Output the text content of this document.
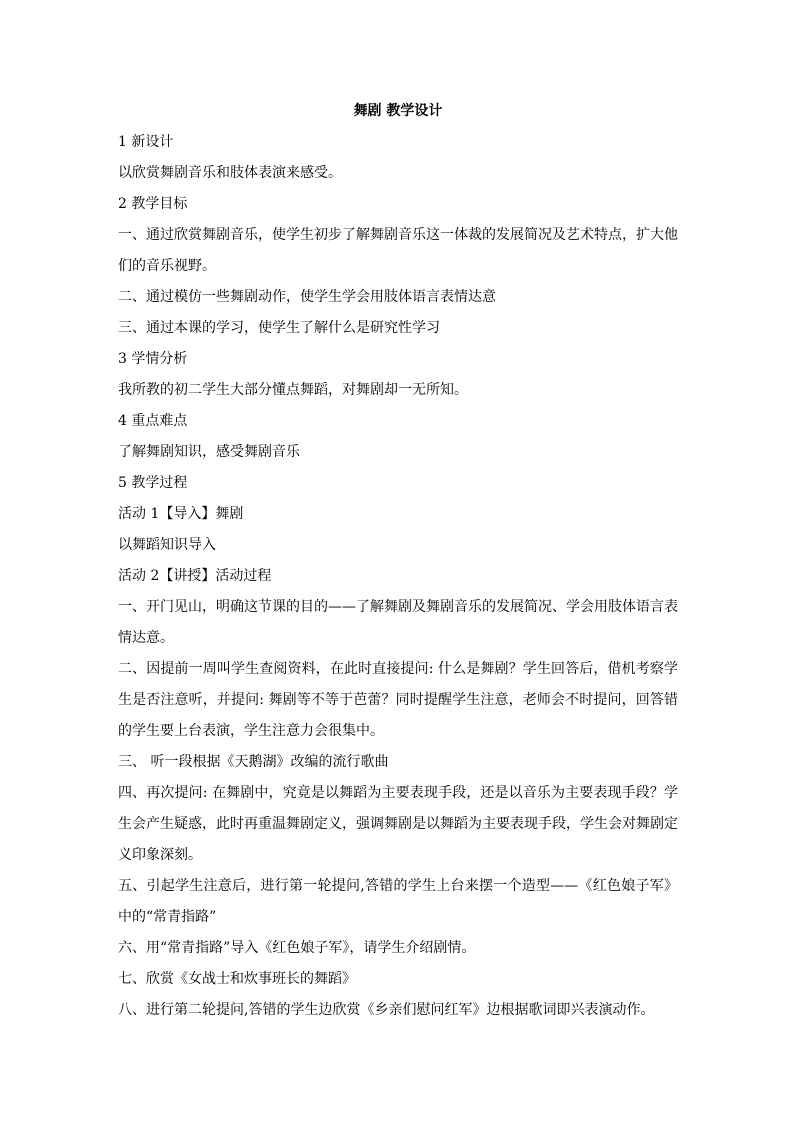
舞剧 教学设计
1 新设计
以欣赏舞剧音乐和肢体表演来感受。
2 教学目标
一、通过欣赏舞剧音乐，使学生初步了解舞剧音乐这一体裁的发展简况及艺术特点，扩大他们的音乐视野。
二、通过模仿一些舞剧动作，使学生学会用肢体语言表情达意
三、通过本课的学习，使学生了解什么是研究性学习
3 学情分析
我所教的初二学生大部分懂点舞蹈，对舞剧却一无所知。
4 重点难点
了解舞剧知识，感受舞剧音乐
5 教学过程
活动 1【导入】舞剧
以舞蹈知识导入
活动 2【讲授】活动过程
一、开门见山，明确这节课的目的——了解舞剧及舞剧音乐的发展简况、学会用肢体语言表情达意。
二、因提前一周叫学生查阅资料，在此时直接提问: 什么是舞剧？学生回答后，借机考察学生是否注意听，并提问: 舞剧等不等于芭蕾？同时提醒学生注意，老师会不时提问，回答错的学生要上台表演，学生注意力会很集中。
三、 听一段根据《天鹅湖》改编的流行歌曲
四、再次提问: 在舞剧中，究竟是以舞蹈为主要表现手段，还是以音乐为主要表现手段？学生会产生疑惑，此时再重温舞剧定义，强调舞剧是以舞蹈为主要表现手段，学生会对舞剧定义印象深刻。
五、引起学生注意后，进行第一轮提问,答错的学生上台来摆一个造型——《红色娘子军》中的“常青指路”
六、用“常青指路”导入《红色娘子军》，请学生介绍剧情。
七、欣赏《女战士和炊事班长的舞蹈》
八、进行第二轮提问,答错的学生边欣赏《乡亲们慰问红军》边根据歌词即兴表演动作。
